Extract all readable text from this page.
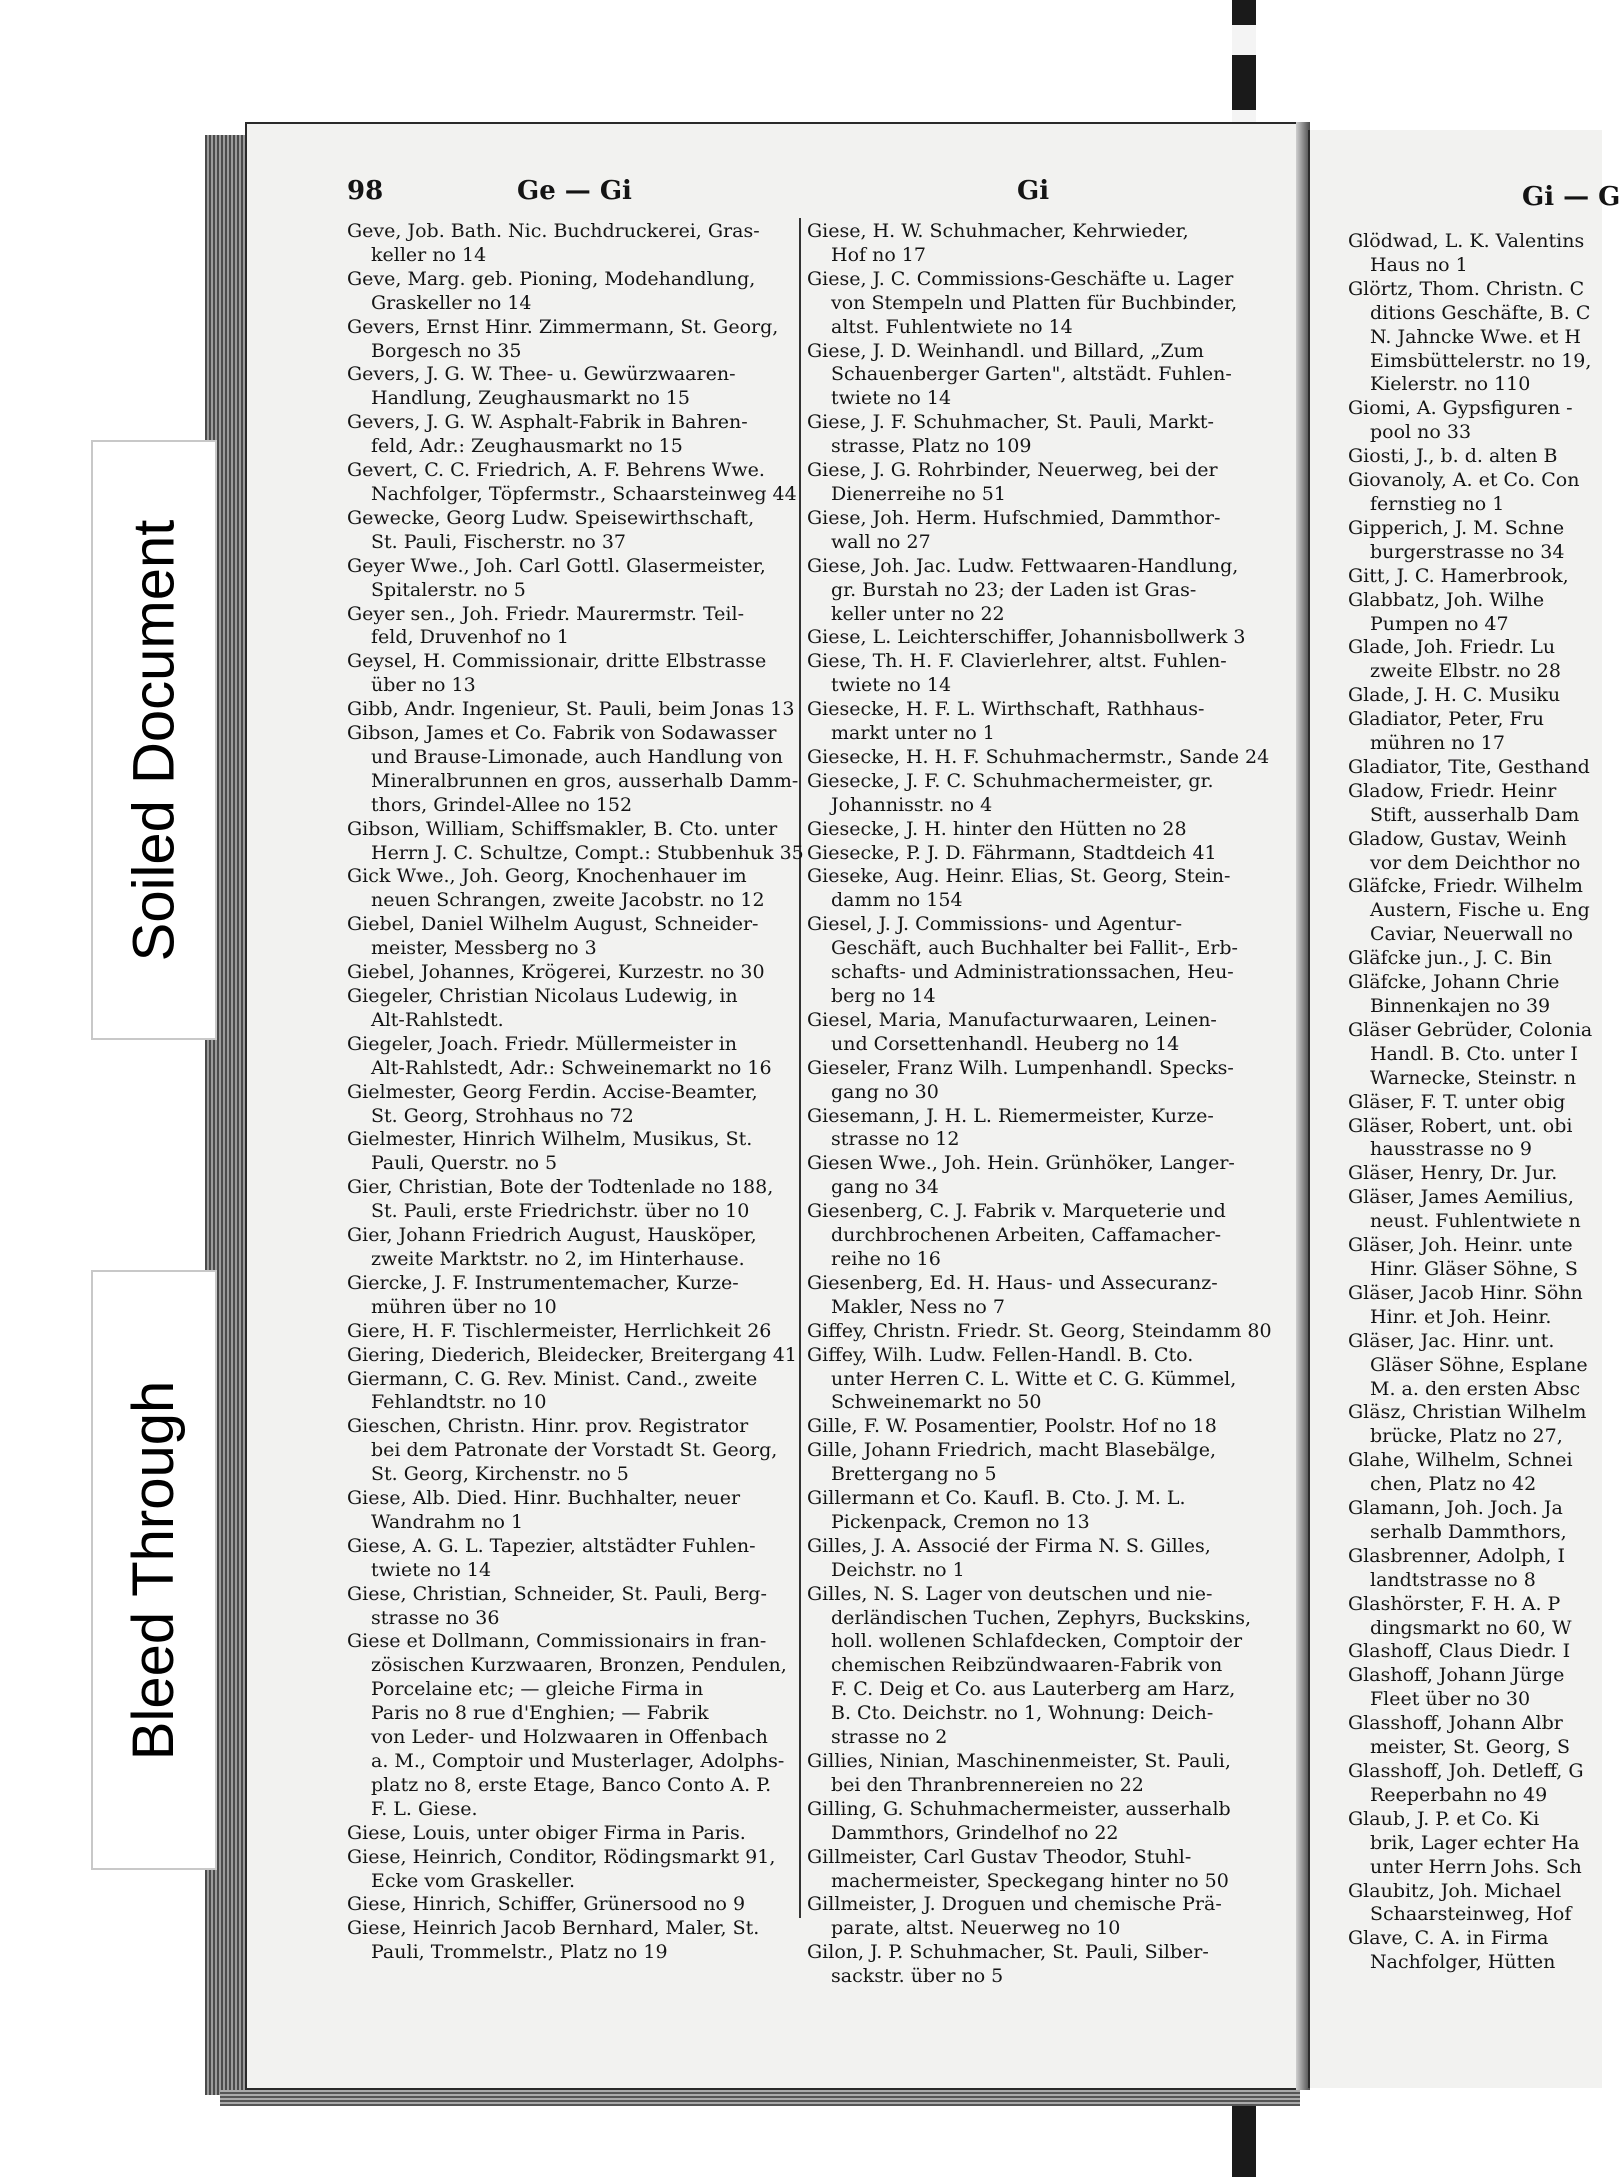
98	Ge — Gi	Gi
Geve, Job. Bath. Nic. Buchdruckerei, Gras-
keller no 14
Geve, Marg. geb. Pioning, Modehandlung,
Graskeller no 14
Gevers, Ernst Hinr. Zimmermann, St. Georg,
Borgesch no 35
Gevers, J. G. W. Thee- u. Gewürzwaaren-
Handlung, Zeughausmarkt no 15
Gevers, J. G. W. Asphalt-Fabrik in Bahren-
feld, Adr.: Zeughausmarkt no 15
Gevert, C. C. Friedrich, A. F. Behrens Wwe.
Nachfolger, Töpfermstr., Schaarsteinweg 44
Gewecke, Georg Ludw. Speisewirthschaft,
St. Pauli, Fischerstr. no 37
Geyer Wwe., Joh. Carl Gottl. Glasermeister,
Spitalerstr. no 5
Geyer sen., Joh. Friedr. Maurermstr. Teil-
feld, Druvenhof no 1
Geysel, H. Commissionair, dritte Elbstrasse
über no 13
Gibb, Andr. Ingenieur, St. Pauli, beim Jonas 13
Gibson, James et Co. Fabrik von Sodawasser
und Brause-Limonade, auch Handlung von
Mineralbrunnen en gros, ausserhalb Damm-
thors, Grindel-Allee no 152
Gibson, William, Schiffsmakler, B. Cto. unter
Herrn J. C. Schultze, Compt.: Stubbenhuk 35
Gick Wwe., Joh. Georg, Knochenhauer im
neuen Schrangen, zweite Jacobstr. no 12
Giebel, Daniel Wilhelm August, Schneider-
meister, Messberg no 3
Giebel, Johannes, Krögerei, Kurzestr. no 30
Giegeler, Christian Nicolaus Ludewig, in
Alt-Rahlstedt.
Giegeler, Joach. Friedr. Müllermeister in
Alt-Rahlstedt, Adr.: Schweinemarkt no 16
Gielmester, Georg Ferdin. Accise-Beamter,
St. Georg, Strohhaus no 72
Gielmester, Hinrich Wilhelm, Musikus, St.
Pauli, Querstr. no 5
Gier, Christian, Bote der Todtenlade no 188,
St. Pauli, erste Friedrichstr. über no 10
Gier, Johann Friedrich August, Hausköper,
zweite Marktstr. no 2, im Hinterhause.
Giercke, J. F. Instrumentemacher, Kurze-
mühren über no 10
Giere, H. F. Tischlermeister, Herrlichkeit 26
Giering, Diederich, Bleidecker, Breitergang 41
Giermann, C. G. Rev. Minist. Cand., zweite
Fehlandtstr. no 10
Gieschen, Christn. Hinr. prov. Registrator
bei dem Patronate der Vorstadt St. Georg,
St. Georg, Kirchenstr. no 5
Giese, Alb. Died. Hinr. Buchhalter, neuer
Wandrahm no 1
Giese, A. G. L. Tapezier, altstädter Fuhlen-
twiete no 14
Giese, Christian, Schneider, St. Pauli, Berg-
strasse no 36
Giese et Dollmann, Commissionairs in fran-
zösischen Kurzwaaren, Bronzen, Pendulen,
Porcelaine etc; — gleiche Firma in
Paris no 8 rue d'Enghien; — Fabrik
von Leder- und Holzwaaren in Offenbach
a. M., Comptoir und Musterlager, Adolphs-
platz no 8, erste Etage, Banco Conto A. P.
F. L. Giese.
Giese, Louis, unter obiger Firma in Paris.
Giese, Heinrich, Conditor, Rödingsmarkt 91,
Ecke vom Graskeller.
Giese, Hinrich, Schiffer, Grünersood no 9
Giese, Heinrich Jacob Bernhard, Maler, St.
Pauli, Trommelstr., Platz no 19
Giese, H. W. Schuhmacher, Kehrwieder,
Hof no 17
Giese, J. C. Commissions-Geschäfte u. Lager
von Stempeln und Platten für Buchbinder,
altst. Fuhlentwiete no 14
Giese, J. D. Weinhandl. und Billard, „Zum
Schauenberger Garten", altstädt. Fuhlen-
twiete no 14
Giese, J. F. Schuhmacher, St. Pauli, Markt-
strasse, Platz no 109
Giese, J. G. Rohrbinder, Neuerweg, bei der
Dienerreihe no 51
Giese, Joh. Herm. Hufschmied, Dammthor-
wall no 27
Giese, Joh. Jac. Ludw. Fettwaaren-Handlung,
gr. Burstah no 23; der Laden ist Gras-
keller unter no 22
Giese, L. Leichterschiffer, Johannisbollwerk 3
Giese, Th. H. F. Clavierlehrer, altst. Fuhlen-
twiete no 14
Giesecke, H. F. L. Wirthschaft, Rathhaus-
markt unter no 1
Giesecke, H. H. F. Schuhmachermstr., Sande 24
Giesecke, J. F. C. Schuhmachermeister, gr.
Johannisstr. no 4
Giesecke, J. H. hinter den Hütten no 28
Giesecke, P. J. D. Fährmann, Stadtdeich 41
Gieseke, Aug. Heinr. Elias, St. Georg, Stein-
damm no 154
Giesel, J. J. Commissions- und Agentur-
Geschäft, auch Buchhalter bei Fallit-, Erb-
schafts- und Administrationssachen, Heu-
berg no 14
Giesel, Maria, Manufacturwaaren, Leinen-
und Corsettenhandl. Heuberg no 14
Gieseler, Franz Wilh. Lumpenhandl. Specks-
gang no 30
Giesemann, J. H. L. Riemermeister, Kurze-
strasse no 12
Giesen Wwe., Joh. Hein. Grünhöker, Langer-
gang no 34
Giesenberg, C. J. Fabrik v. Marqueterie und
durchbrochenen Arbeiten, Caffamacher-
reihe no 16
Giesenberg, Ed. H. Haus- und Assecuranz-
Makler, Ness no 7
Giffey, Christn. Friedr. St. Georg, Steindamm 80
Giffey, Wilh. Ludw. Fellen-Handl. B. Cto.
unter Herren C. L. Witte et C. G. Kümmel,
Schweinemarkt no 50
Gille, F. W. Posamentier, Poolstr. Hof no 18
Gille, Johann Friedrich, macht Blasebälge,
Brettergang no 5
Gillermann et Co. Kaufl. B. Cto. J. M. L.
Pickenpack, Cremon no 13
Gilles, J. A. Associé der Firma N. S. Gilles,
Deichstr. no 1
Gilles, N. S. Lager von deutschen und nie-
derländischen Tuchen, Zephyrs, Buckskins,
holl. wollenen Schlafdecken, Comptoir der
chemischen Reibzündwaaren-Fabrik von
F. C. Deig et Co. aus Lauterberg am Harz,
B. Cto. Deichstr. no 1, Wohnung: Deich-
strasse no 2
Gillies, Ninian, Maschinenmeister, St. Pauli,
bei den Thranbrennereien no 22
Gilling, G. Schuhmachermeister, ausserhalb
Dammthors, Grindelhof no 22
Gillmeister, Carl Gustav Theodor, Stuhl-
machermeister, Speckegang hinter no 50
Gillmeister, J. Droguen und chemische Prä-
parate, altst. Neuerweg no 10
Gilon, J. P. Schuhmacher, St. Pauli, Silber-
sackstr. über no 5
Gi — G
Glödwad, L. K. Valentins
Haus no 1
Glörtz, Thom. Christn. C
ditions Geschäfte, B. C
N. Jahncke Wwe. et H
Eimsbüttelerstr. no 19,
Kielerstr. no 110
Giomi, A. Gypsfiguren -
pool no 33
Giosti, J., b. d. alten B
Giovanoly, A. et Co. Con
fernstieg no 1
Gipperich, J. M. Schne
burgerstrasse no 34
Gitt, J. C. Hamerbrook,
Glabbatz, Joh. Wilhe
Pumpen no 47
Glade, Joh. Friedr. Lu
zweite Elbstr. no 28
Glade, J. H. C. Musiku
Gladiator, Peter, Fru
mühren no 17
Gladiator, Tite, Gesthand
Gladow, Friedr. Heinr
Stift, ausserhalb Dam
Gladow, Gustav, Weinh
vor dem Deichthor no
Gläfcke, Friedr. Wilhelm
Austern, Fische u. Eng
Caviar, Neuerwall no
Gläfcke jun., J. C. Bin
Gläfcke, Johann Chrie
Binnenkajen no 39
Gläser Gebrüder, Colonia
Handl. B. Cto. unter I
Warnecke, Steinstr. n
Gläser, F. T. unter obig
Gläser, Robert, unt. obi
hausstrasse no 9
Gläser, Henry, Dr. Jur.
Gläser, James Aemilius,
neust. Fuhlentwiete n
Gläser, Joh. Heinr. unte
Hinr. Gläser Söhne, S
Gläser, Jacob Hinr. Söhn
Hinr. et Joh. Heinr.
Gläser, Jac. Hinr. unt.
Gläser Söhne, Esplane
M. a. den ersten Absc
Gläsz, Christian Wilhelm
brücke, Platz no 27,
Glahe, Wilhelm, Schnei
chen, Platz no 42
Glamann, Joh. Joch. Ja
serhalb Dammthors,
Glasbrenner, Adolph, I
landtstrasse no 8
Glashörster, F. H. A. P
dingsmarkt no 60, W
Glashoff, Claus Diedr. I
Glashoff, Johann Jürge
Fleet über no 30
Glasshoff, Johann Albr
meister, St. Georg, S
Glasshoff, Joh. Detleff, G
Reeperbahn no 49
Glaub, J. P. et Co. Ki
brik, Lager echter Ha
unter Herrn Johs. Sch
Glaubitz, Joh. Michael
Schaarsteinweg, Hof
Glave, C. A. in Firma
Nachfolger, Hütten
Soiled Document
Bleed Through
